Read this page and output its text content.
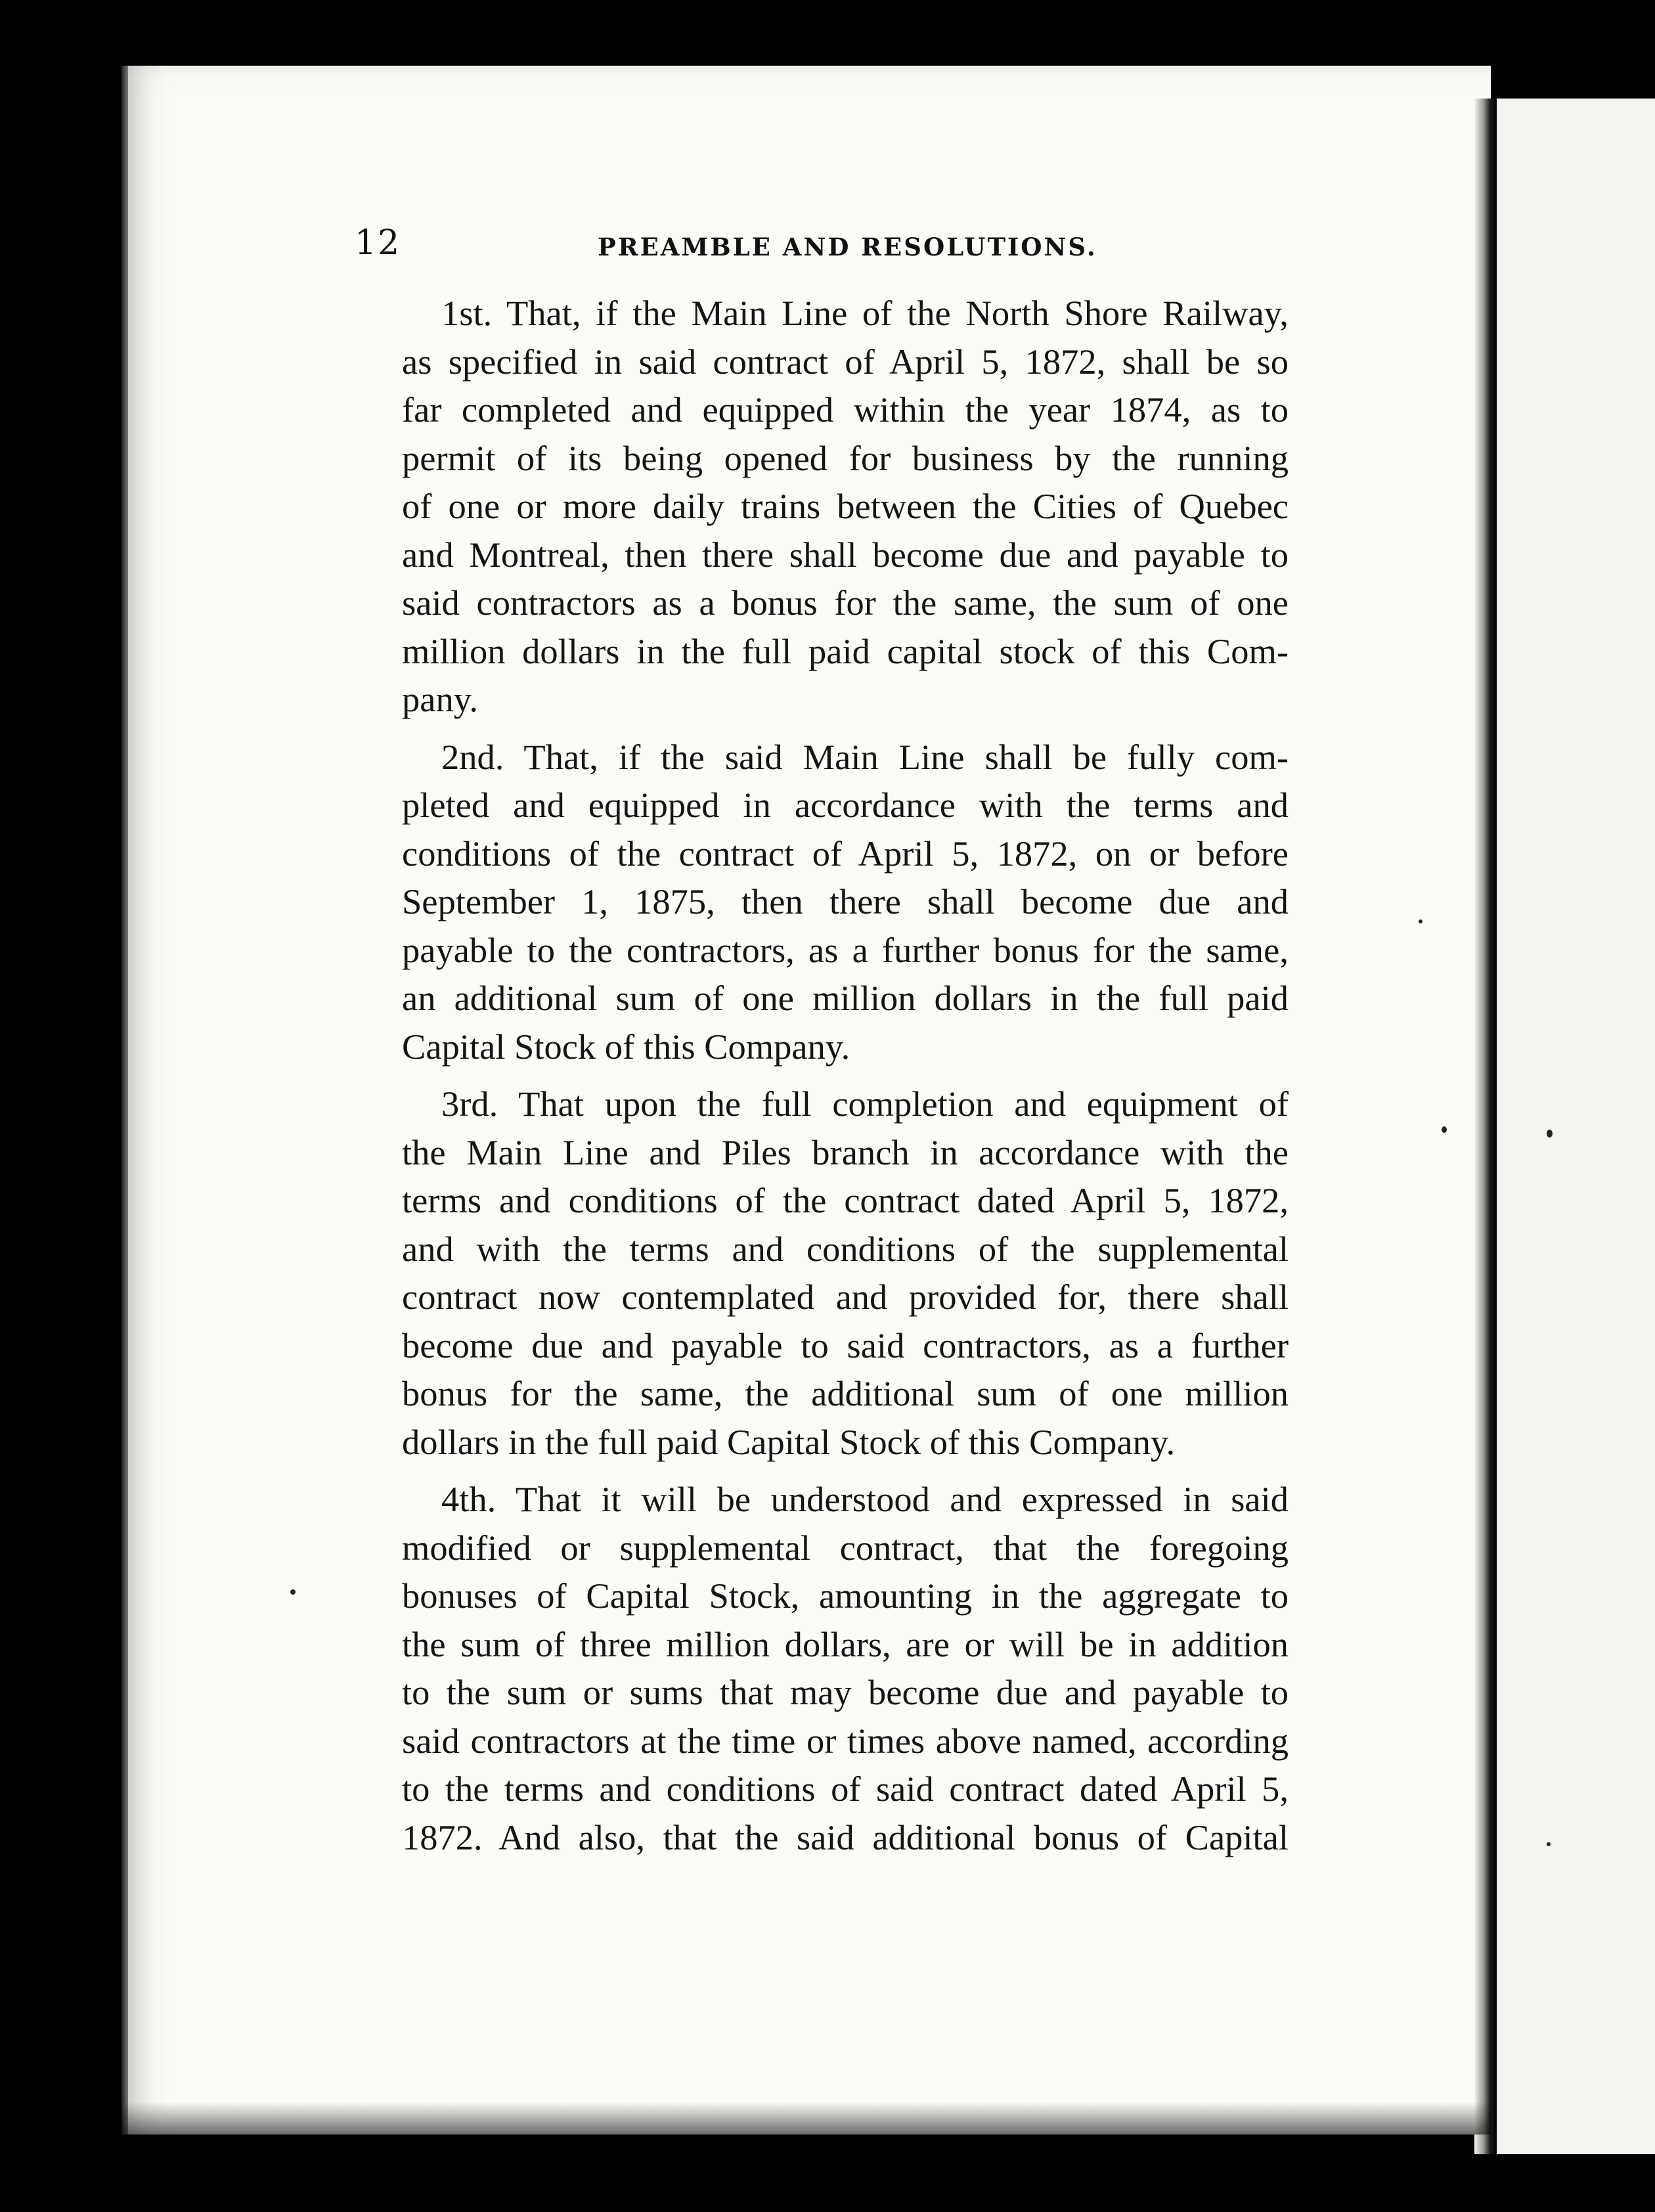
12	PREAMBLE AND RESOLUTIONS.
1st. That, if the Main Line of the North Shore Railway,
as specified in said contract of April 5, 1872, shall be so
far completed and equipped within the year 1874, as to
permit of its being opened for business by the running
of one or more daily trains between the Cities of Quebec
and Montreal, then there shall become due and payable to
said contractors as a bonus for the same, the sum of one
million dollars in the full paid capital stock of this Com-
pany.
2nd. That, if the said Main Line shall be fully com-
pleted and equipped in accordance with the terms and
conditions of the contract of April 5, 1872, on or before
September 1, 1875, then there shall become due and
payable to the contractors, as a further bonus for the same,
an additional sum of one million dollars in the full paid
Capital Stock of this Company.
3rd. That upon the full completion and equipment of
the Main Line and Piles branch in accordance with the
terms and conditions of the contract dated April 5, 1872,
and with the terms and conditions of the supplemental
contract now contemplated and provided for, there shall
become due and payable to said contractors, as a further
bonus for the same, the additional sum of one million
dollars in the full paid Capital Stock of this Company.
4th. That it will be understood and expressed in said
modified or supplemental contract, that the foregoing
bonuses of Capital Stock, amounting in the aggregate to
the sum of three million dollars, are or will be in addition
to the sum or sums that may become due and payable to
said contractors at the time or times above named, according
to the terms and conditions of said contract dated April 5,
1872. And also, that the said additional bonus of Capital
